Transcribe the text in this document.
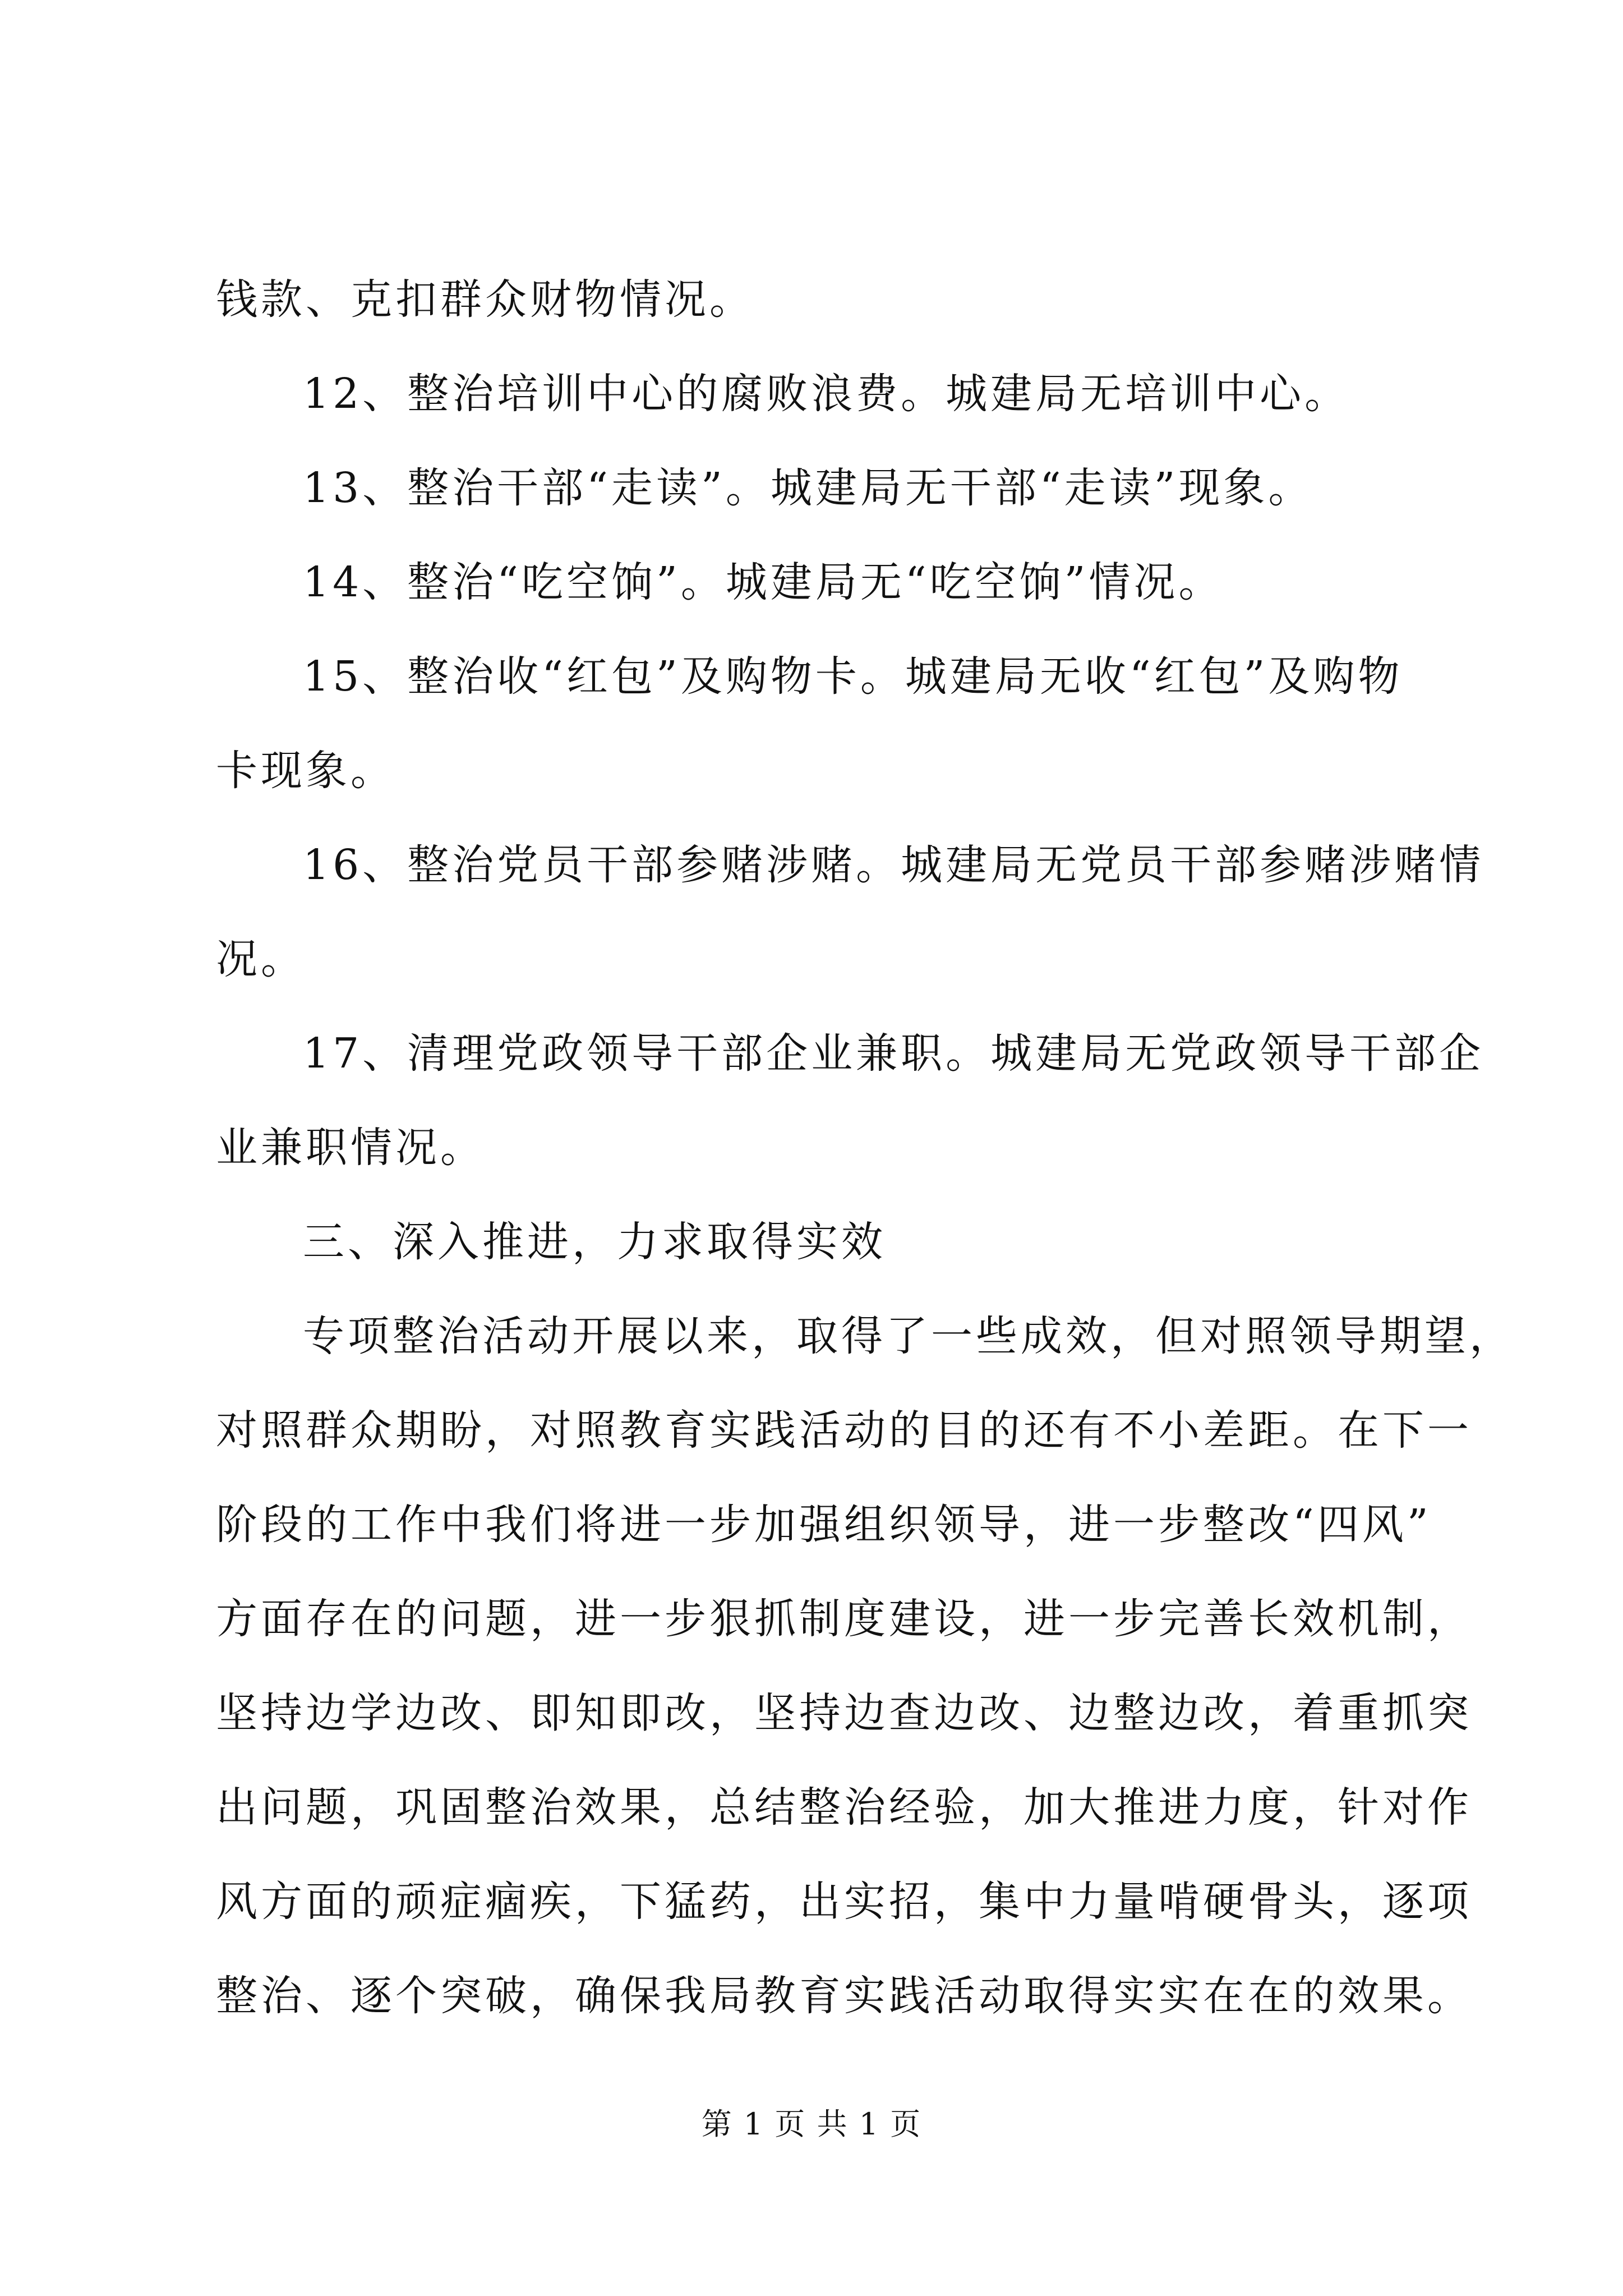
钱款、克扣群众财物情况。
12、整治培训中心的腐败浪费。城建局无培训中心。
13、整治干部“走读”。城建局无干部“走读”现象。
14、整治“吃空饷”。城建局无“吃空饷”情况。
15、整治收“红包”及购物卡。城建局无收“红包”及购物
卡现象。
16、整治党员干部参赌涉赌。城建局无党员干部参赌涉赌情
况。
17、清理党政领导干部企业兼职。城建局无党政领导干部企
业兼职情况。
三、深入推进，力求取得实效
专项整治活动开展以来，取得了一些成效，但对照领导期望，
对照群众期盼，对照教育实践活动的目的还有不小差距。在下一
阶段的工作中我们将进一步加强组织领导，进一步整改“四风”
方面存在的问题，进一步狠抓制度建设，进一步完善长效机制，
坚持边学边改、即知即改，坚持边查边改、边整边改，着重抓突
出问题，巩固整治效果，总结整治经验，加大推进力度，针对作
风方面的顽症痼疾，下猛药，出实招，集中力量啃硬骨头，逐项
整治、逐个突破，确保我局教育实践活动取得实实在在的效果。
第 1 页 共 1 页
